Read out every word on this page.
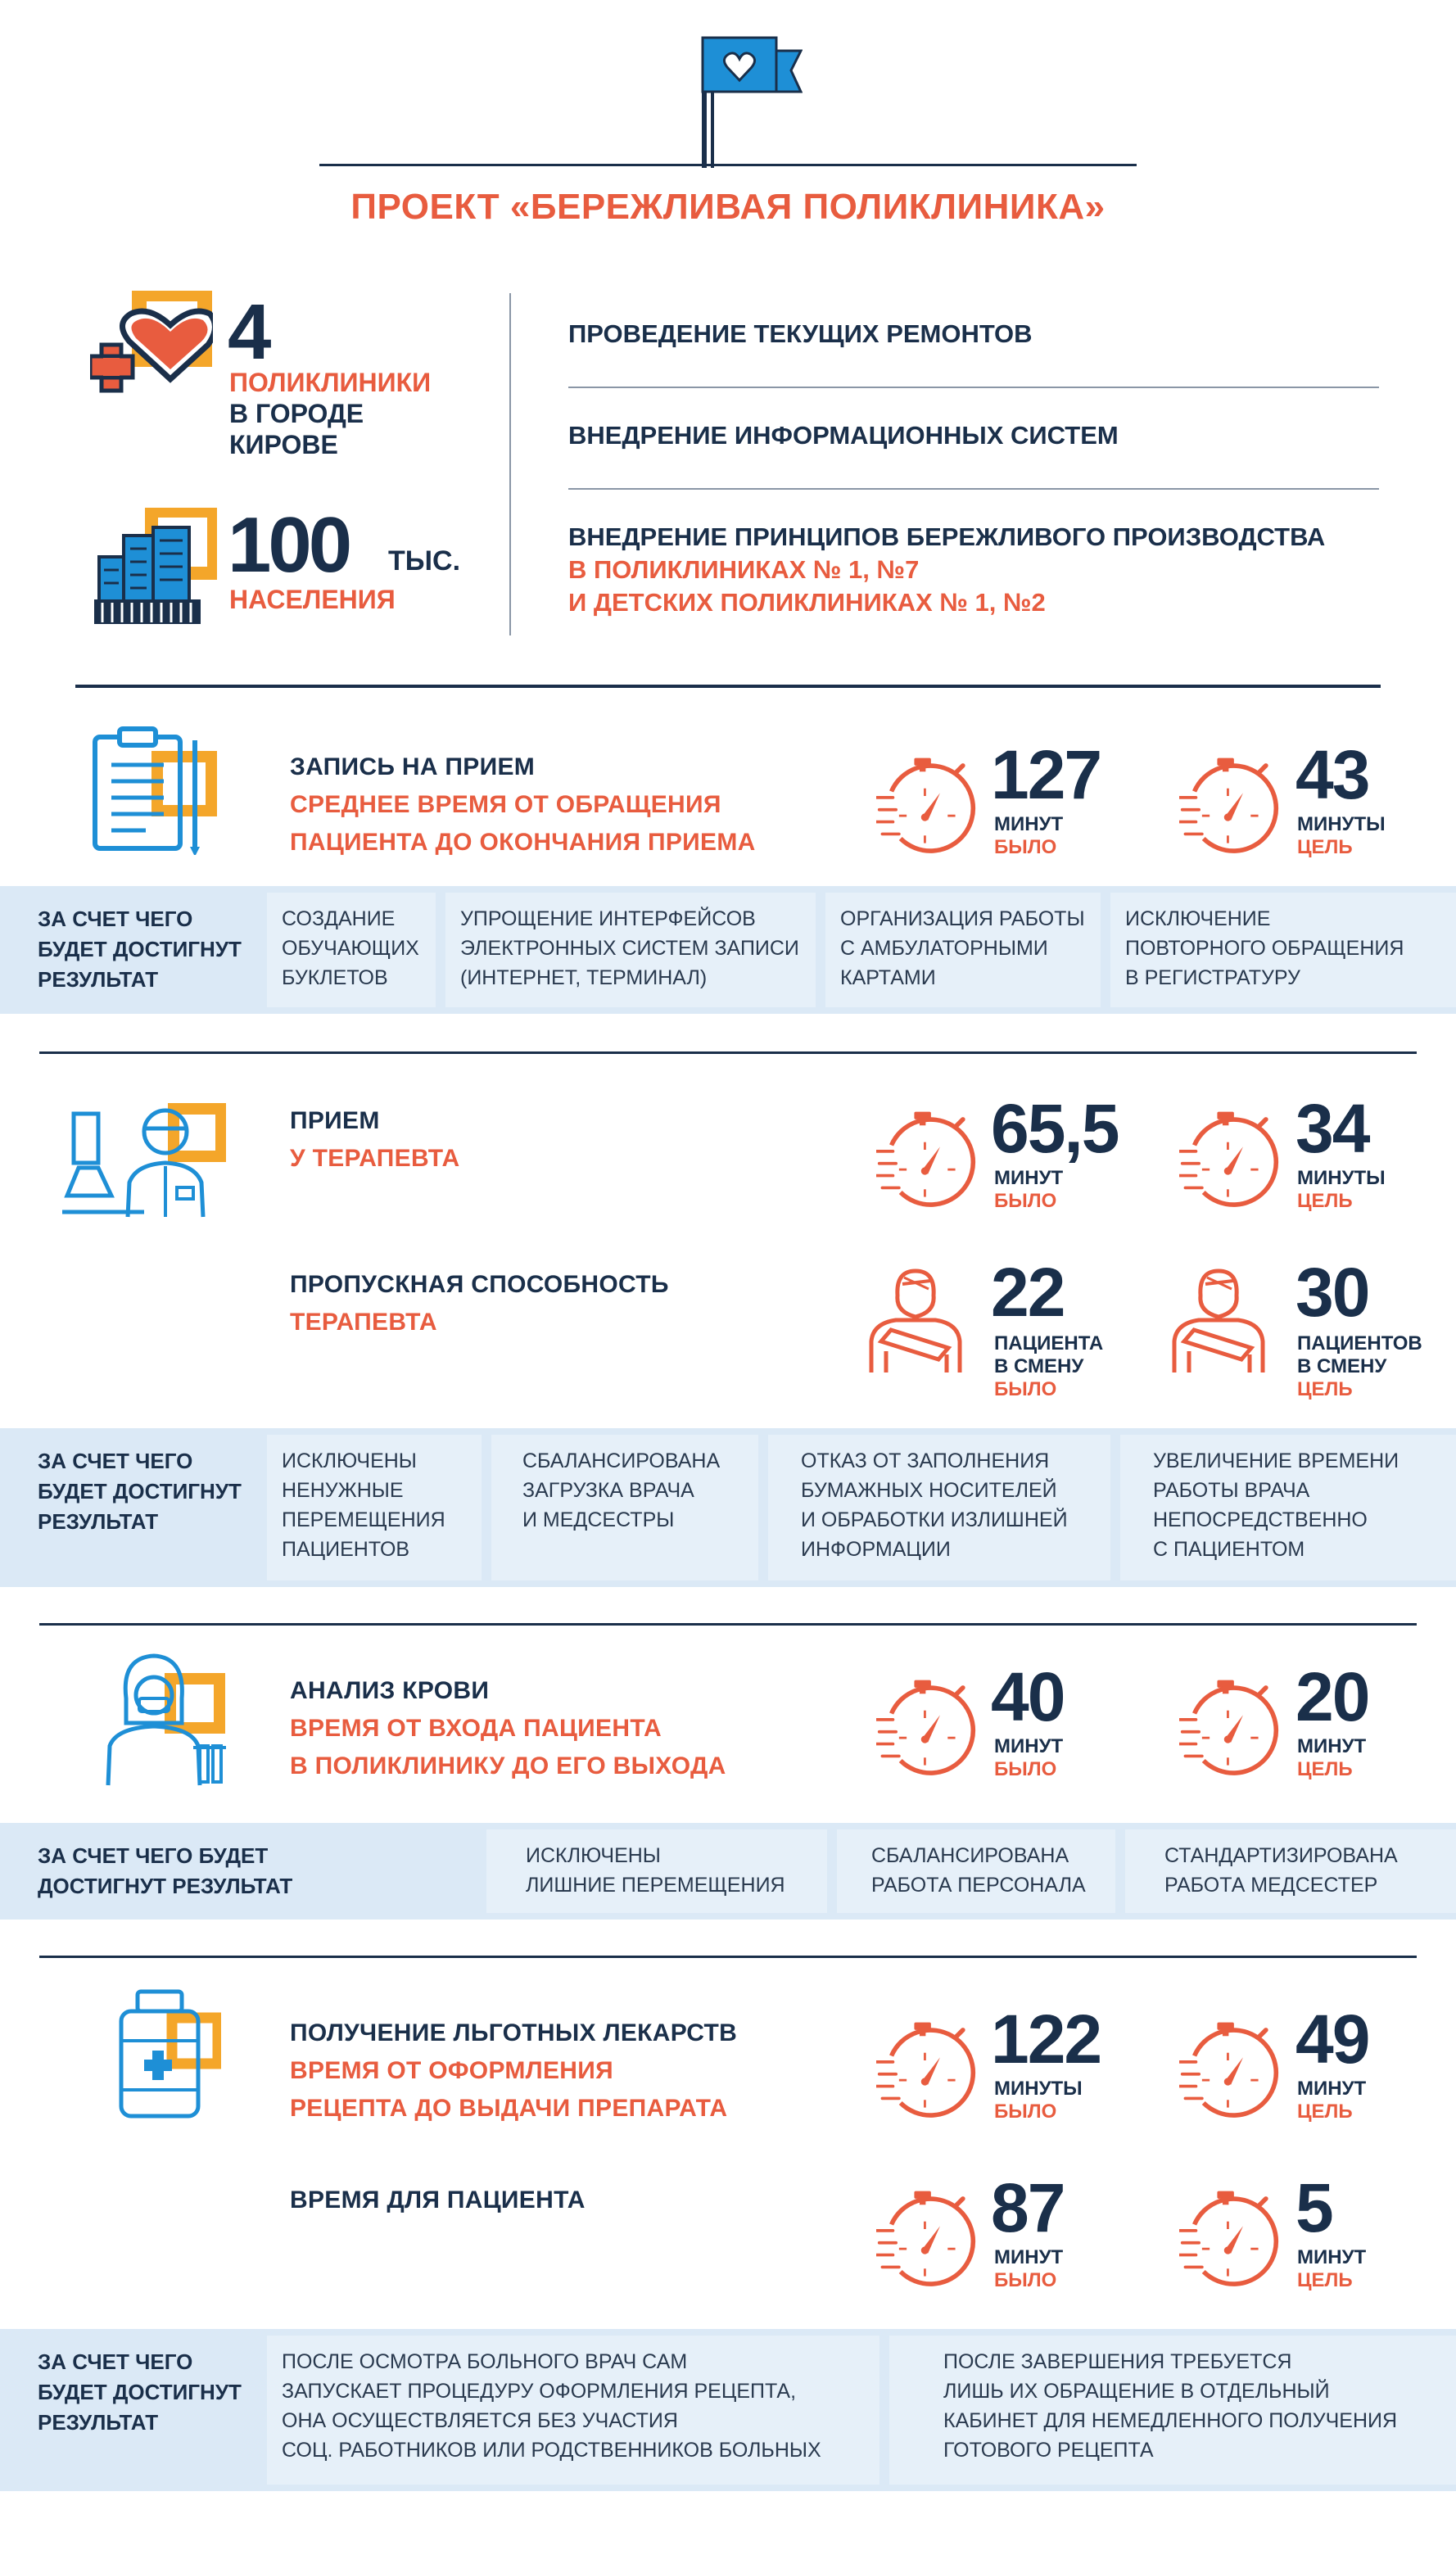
ПРОЕКТ «БЕРЕЖЛИВАЯ ПОЛИКЛИНИКА»
4
ПОЛИКЛИНИКИ
В ГОРОДЕ
КИРОВЕ
100 ТЫС.
НАСЕЛЕНИЯ
ПРОВЕДЕНИЕ ТЕКУЩИХ РЕМОНТОВ
ВНЕДРЕНИЕ ИНФОРМАЦИОННЫХ СИСТЕМ
ВНЕДРЕНИЕ ПРИНЦИПОВ БЕРЕЖЛИВОГО ПРОИЗВОДСТВА
В ПОЛИКЛИНИКАХ № 1, №7
И ДЕТСКИХ ПОЛИКЛИНИКАХ № 1, №2
ЗАПИСЬ НА ПРИЕМ
СРЕДНЕЕ ВРЕМЯ ОТ ОБРАЩЕНИЯ
ПАЦИЕНТА ДО ОКОНЧАНИЯ ПРИЕМА
127
МИНУТ
БЫЛО
43
МИНУТЫ
ЦЕЛЬ
ЗА СЧЕТ ЧЕГО
БУДЕТ ДОСТИГНУТ
РЕЗУЛЬТАТ
СОЗДАНИЕ
ОБУЧАЮЩИХ
БУКЛЕТОВ
УПРОЩЕНИЕ ИНТЕРФЕЙСОВ
ЭЛЕКТРОННЫХ СИСТЕМ ЗАПИСИ
(ИНТЕРНЕТ, ТЕРМИНАЛ)
ОРГАНИЗАЦИЯ РАБОТЫ
С АМБУЛАТОРНЫМИ
КАРТАМИ
ИСКЛЮЧЕНИЕ
ПОВТОРНОГО ОБРАЩЕНИЯ
В РЕГИСТРАТУРУ
ПРИЕМ
У ТЕРАПЕВТА	65,5
МИНУТ
БЫЛО
34
МИНУТЫ
ЦЕЛЬ
ПРОПУСКНАЯ СПОСОБНОСТЬ
ТЕРАПЕВТА	22
ПАЦИЕНТА
В СМЕНУ
БЫЛО
30
ПАЦИЕНТОВ
В СМЕНУ
ЦЕЛЬ
ЗА СЧЕТ ЧЕГО
БУДЕТ ДОСТИГНУТ
РЕЗУЛЬТАТ
ИСКЛЮЧЕНЫ
НЕНУЖНЫЕ
ПЕРЕМЕЩЕНИЯ
ПАЦИЕНТОВ
СБАЛАНСИРОВАНА
ЗАГРУЗКА ВРАЧА
И МЕДСЕСТРЫ
ОТКАЗ ОТ ЗАПОЛНЕНИЯ
БУМАЖНЫХ НОСИТЕЛЕЙ
И ОБРАБОТКИ ИЗЛИШНЕЙ
ИНФОРМАЦИИ
УВЕЛИЧЕНИЕ ВРЕМЕНИ
РАБОТЫ ВРАЧА
НЕПОСРЕДСТВЕННО
С ПАЦИЕНТОМ
АНАЛИЗ КРОВИ
ВРЕМЯ ОТ ВХОДА ПАЦИЕНТА
В ПОЛИКЛИНИКУ ДО ЕГО ВЫХОДА
40
МИНУТ
БЫЛО
20
МИНУТ
ЦЕЛЬ
ЗА СЧЕТ ЧЕГО БУДЕТ
ДОСТИГНУТ РЕЗУЛЬТАТ
ИСКЛЮЧЕНЫ
ЛИШНИЕ ПЕРЕМЕЩЕНИЯ
СБАЛАНСИРОВАНА
РАБОТА ПЕРСОНАЛА
СТАНДАРТИЗИРОВАНА
РАБОТА МЕДСЕСТЕР
ПОЛУЧЕНИЕ ЛЬГОТНЫХ ЛЕКАРСТВ
ВРЕМЯ ОТ ОФОРМЛЕНИЯ
РЕЦЕПТА ДО ВЫДАЧИ ПРЕПАРАТА
122
МИНУТЫ
БЫЛО
49
МИНУТ
ЦЕЛЬ
ВРЕМЯ ДЛЯ ПАЦИЕНТА	87
МИНУТ
БЫЛО
5
МИНУТ
ЦЕЛЬ
ЗА СЧЕТ ЧЕГО
БУДЕТ ДОСТИГНУТ
РЕЗУЛЬТАТ
ПОСЛЕ ОСМОТРА БОЛЬНОГО ВРАЧ САМ
ЗАПУСКАЕТ ПРОЦЕДУРУ ОФОРМЛЕНИЯ РЕЦЕПТА,
ОНА ОСУЩЕСТВЛЯЕТСЯ БЕЗ УЧАСТИЯ
СОЦ. РАБОТНИКОВ ИЛИ РОДСТВЕННИКОВ БОЛЬНЫХ
ПОСЛЕ ЗАВЕРШЕНИЯ ТРЕБУЕТСЯ
ЛИШЬ ИХ ОБРАЩЕНИЕ В ОТДЕЛЬНЫЙ
КАБИНЕТ ДЛЯ НЕМЕДЛЕННОГО ПОЛУЧЕНИЯ
ГОТОВОГО РЕЦЕПТА
